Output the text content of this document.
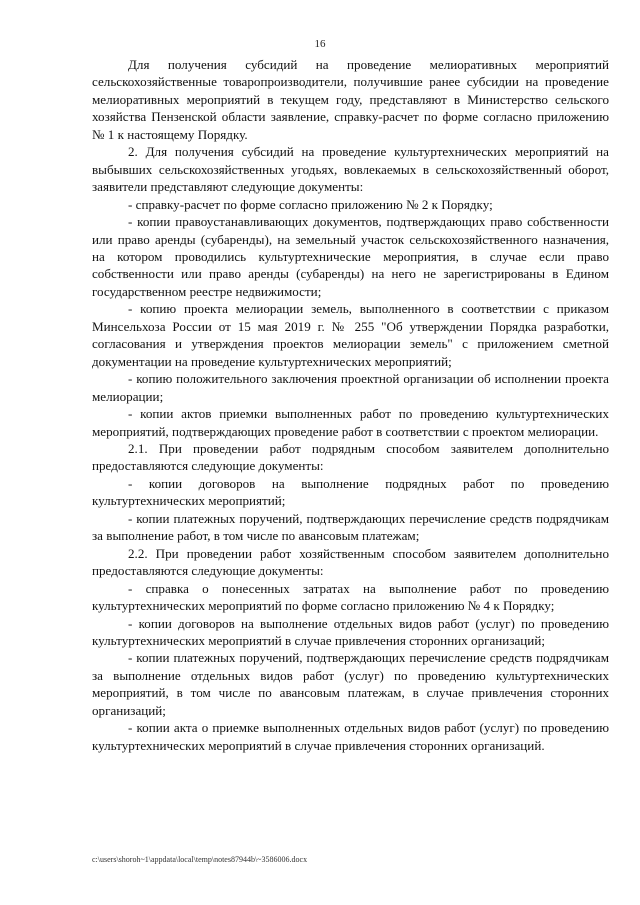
16

Для получения субсидий на проведение мелиоративных мероприятий сельскохозяйственные товаропроизводители, получившие ранее субсидии на проведение мелиоративных мероприятий в текущем году, представляют в Министерство сельского хозяйства Пензенской области заявление, справку-расчет по форме согласно приложению № 1 к настоящему Порядку.

2. Для получения субсидий на проведение культуртехнических мероприятий на выбывших сельскохозяйственных угодьях, вовлекаемых в сельскохозяйственный оборот, заявители представляют следующие документы:

- справку-расчет по форме согласно приложению № 2 к Порядку;

- копии правоустанавливающих документов, подтверждающих право собственности или право аренды (субаренды), на земельный участок сельскохозяйственного назначения, на котором проводились культуртехнические мероприятия, в случае если право собственности или право аренды (субаренды) на него не зарегистрированы в Едином государственном реестре недвижимости;

- копию проекта мелиорации земель, выполненного в соответствии с приказом Минсельхоза России от 15 мая 2019 г. № 255 "Об утверждении Порядка разработки, согласования и утверждения проектов мелиорации земель" с приложением сметной документации на проведение культуртехнических мероприятий;

- копию положительного заключения проектной организации об исполнении проекта мелиорации;

- копии актов приемки выполненных работ по проведению культуртехнических мероприятий, подтверждающих проведение работ в соответствии с проектом мелиорации.

2.1. При проведении работ подрядным способом заявителем дополнительно предоставляются следующие документы:

- копии договоров на выполнение подрядных работ по проведению культуртехнических мероприятий;

- копии платежных поручений, подтверждающих перечисление средств подрядчикам за выполнение работ, в том числе по авансовым платежам;

2.2. При проведении работ хозяйственным способом заявителем дополнительно предоставляются следующие документы:

- справка о понесенных затратах на выполнение работ по проведению культуртехнических мероприятий по форме согласно приложению № 4 к Порядку;

- копии договоров на выполнение отдельных видов работ (услуг) по проведению культуртехнических мероприятий в случае привлечения сторонних организаций;

- копии платежных поручений, подтверждающих перечисление средств подрядчикам за выполнение отдельных видов работ (услуг) по проведению культуртехнических мероприятий, в том числе по авансовым платежам, в случае привлечения сторонних организаций;

- копии акта о приемке выполненных отдельных видов работ (услуг) по проведению культуртехнических мероприятий в случае привлечения сторонних организаций.

c:\users\shoroh~1\appdata\local\temp\notes87944b\~3586006.docx
